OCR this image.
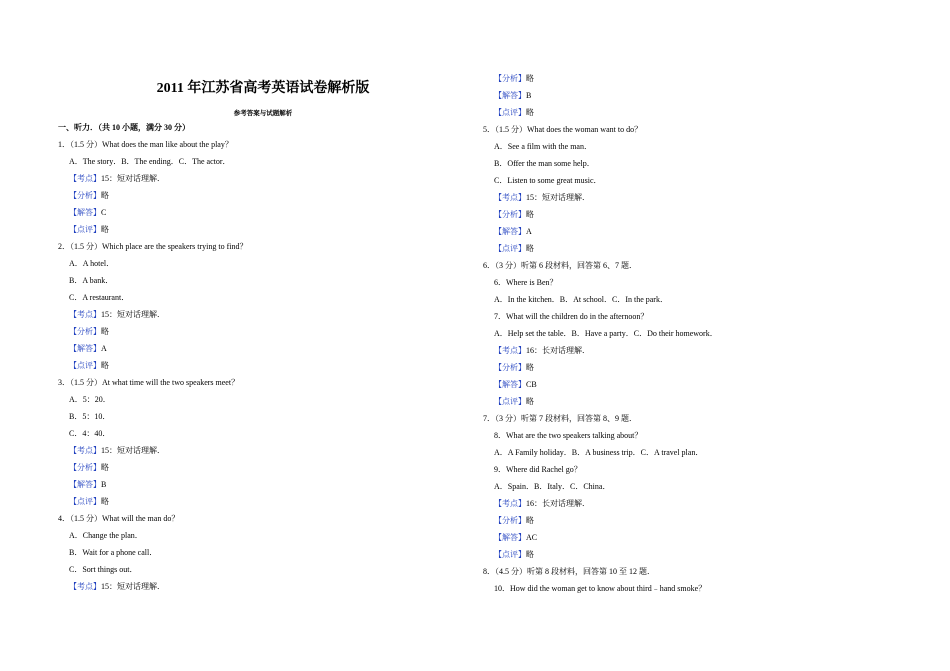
2011 年江苏省高考英语试卷解析版
参考答案与试题解析
一、听力．（共 10 小题，满分 30 分）
1．（1.5 分）What does the man like about the play？
A．The story．B．The ending．C．The actor．
【考点】15：短对话理解．
【分析】略
【解答】C
【点评】略
2．（1.5 分）Which place are the speakers trying to find？
A．A hotel．
B．A bank．
C．A restaurant．
【考点】15：短对话理解．
【分析】略
【解答】A
【点评】略
3．（1.5 分）At what time will the two speakers meet？
A．5：20．
B．5：10．
C．4：40．
【考点】15：短对话理解．
【分析】略
【解答】B
【点评】略
4．（1.5 分）What will the man do？
A．Change the plan．
B．Wait for a phone call．
C．Sort things out．
【考点】15：短对话理解．
【分析】略
【解答】B
【点评】略
5．（1.5 分）What does the woman want to do？
A．See a film with the man．
B．Offer the man some help．
C．Listen to some great music．
【考点】15：短对话理解．
【分析】略
【解答】A
【点评】略
6．（3 分）听第 6 段材料，回答第 6、7 题．
6．Where is Ben？
A．In the kitchen．B．At school．C．In the park．
7．What will the children do in the afternoon？
A．Help set the table．B．Have a party．C．Do their homework．
【考点】16：长对话理解．
【分析】略
【解答】CB
【点评】略
7．（3 分）听第 7 段材料，回答第 8、9 题．
8．What are the two speakers talking about？
A．A Family holiday．B．A business trip．C．A travel plan．
9．Where did Rachel go？
A．Spain．B．Italy．C．China．
【考点】16：长对话理解．
【分析】略
【解答】AC
【点评】略
8．（4.5 分）听第 8 段材料，回答第 10 至 12 题．
10．How did the woman get to know about third﹣hand smoke？
